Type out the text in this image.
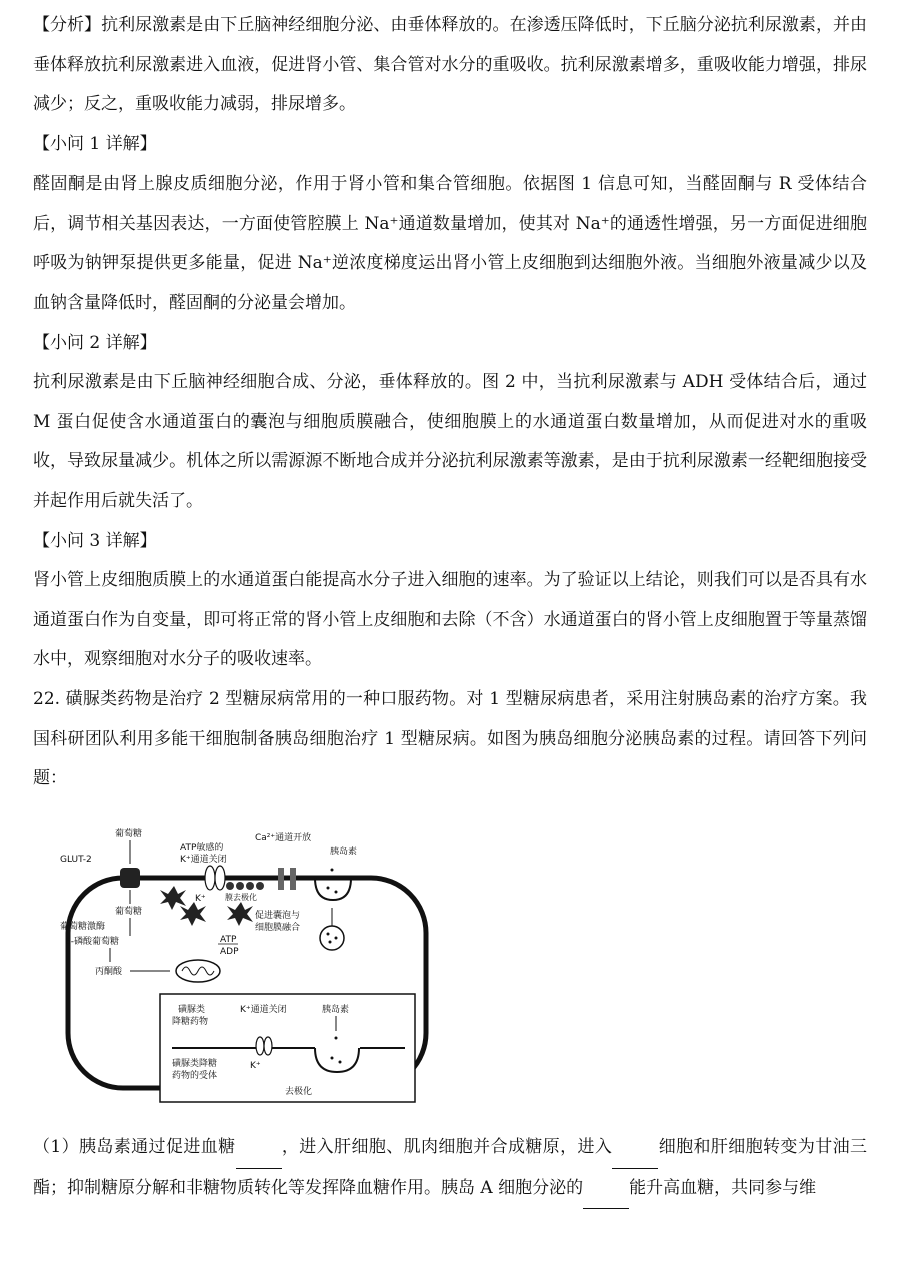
【分析】抗利尿激素是由下丘脑神经细胞分泌、由垂体释放的。在渗透压降低时，下丘脑分泌抗利尿激素，并由垂体释放抗利尿激素进入血液，促进肾小管、集合管对水分的重吸收。抗利尿激素增多，重吸收能力增强，排尿减少；反之，重吸收能力减弱，排尿增多。

【小问 1 详解】

醛固酮是由肾上腺皮质细胞分泌，作用于肾小管和集合管细胞。依据图 1 信息可知，当醛固酮与 R 受体结合后，调节相关基因表达，一方面使管腔膜上 Na⁺通道数量增加，使其对 Na⁺的通透性增强，另一方面促进细胞呼吸为钠钾泵提供更多能量，促进 Na⁺逆浓度梯度运出肾小管上皮细胞到达细胞外液。当细胞外液量减少以及血钠含量降低时，醛固酮的分泌量会增加。

【小问 2 详解】

抗利尿激素是由下丘脑神经细胞合成、分泌，垂体释放的。图 2 中，当抗利尿激素与 ADH 受体结合后，通过 M 蛋白促使含水通道蛋白的囊泡与细胞质膜融合，使细胞膜上的水通道蛋白数量增加，从而促进对水的重吸收，导致尿量减少。机体之所以需源源不断地合成并分泌抗利尿激素等激素，是由于抗利尿激素一经靶细胞接受并起作用后就失活了。

【小问 3 详解】

肾小管上皮细胞质膜上的水通道蛋白能提高水分子进入细胞的速率。为了验证以上结论，则我们可以是否具有水通道蛋白作为自变量，即可将正常的肾小管上皮细胞和去除（不含）水通道蛋白的肾小管上皮细胞置于等量蒸馏水中，观察细胞对水分子的吸收速率。

22. 磺脲类药物是治疗 2 型糖尿病常用的一种口服药物。对 1 型糖尿病患者，采用注射胰岛素的治疗方案。我国科研团队利用多能干细胞制备胰岛细胞治疗 1 型糖尿病。如图为胰岛细胞分泌胰岛素的过程。请回答下列问题：

葡萄糖
GLUT-2
葡萄糖
葡萄糖激酶
6-磷酸葡萄糖
丙酮酸
ATP
ADP
ATP敏感的
K⁺通道关闭
K⁺ 膜去极化
Ca²⁺通道开放
促进囊泡与
细胞膜融合
胰岛素
磺脲类
降糖药物
K⁺通道关闭	胰岛素
磺脲类降糖
药物的受体
K⁺
去极化

（1）胰岛素通过促进血糖	，进入肝细胞、肌肉细胞并合成糖原，进入	细胞和肝细胞转变为甘油三酯；抑制糖原分解和非糖物质转化等发挥降血糖作用。胰岛 A 细胞分泌的	能升高血糖，共同参与维
